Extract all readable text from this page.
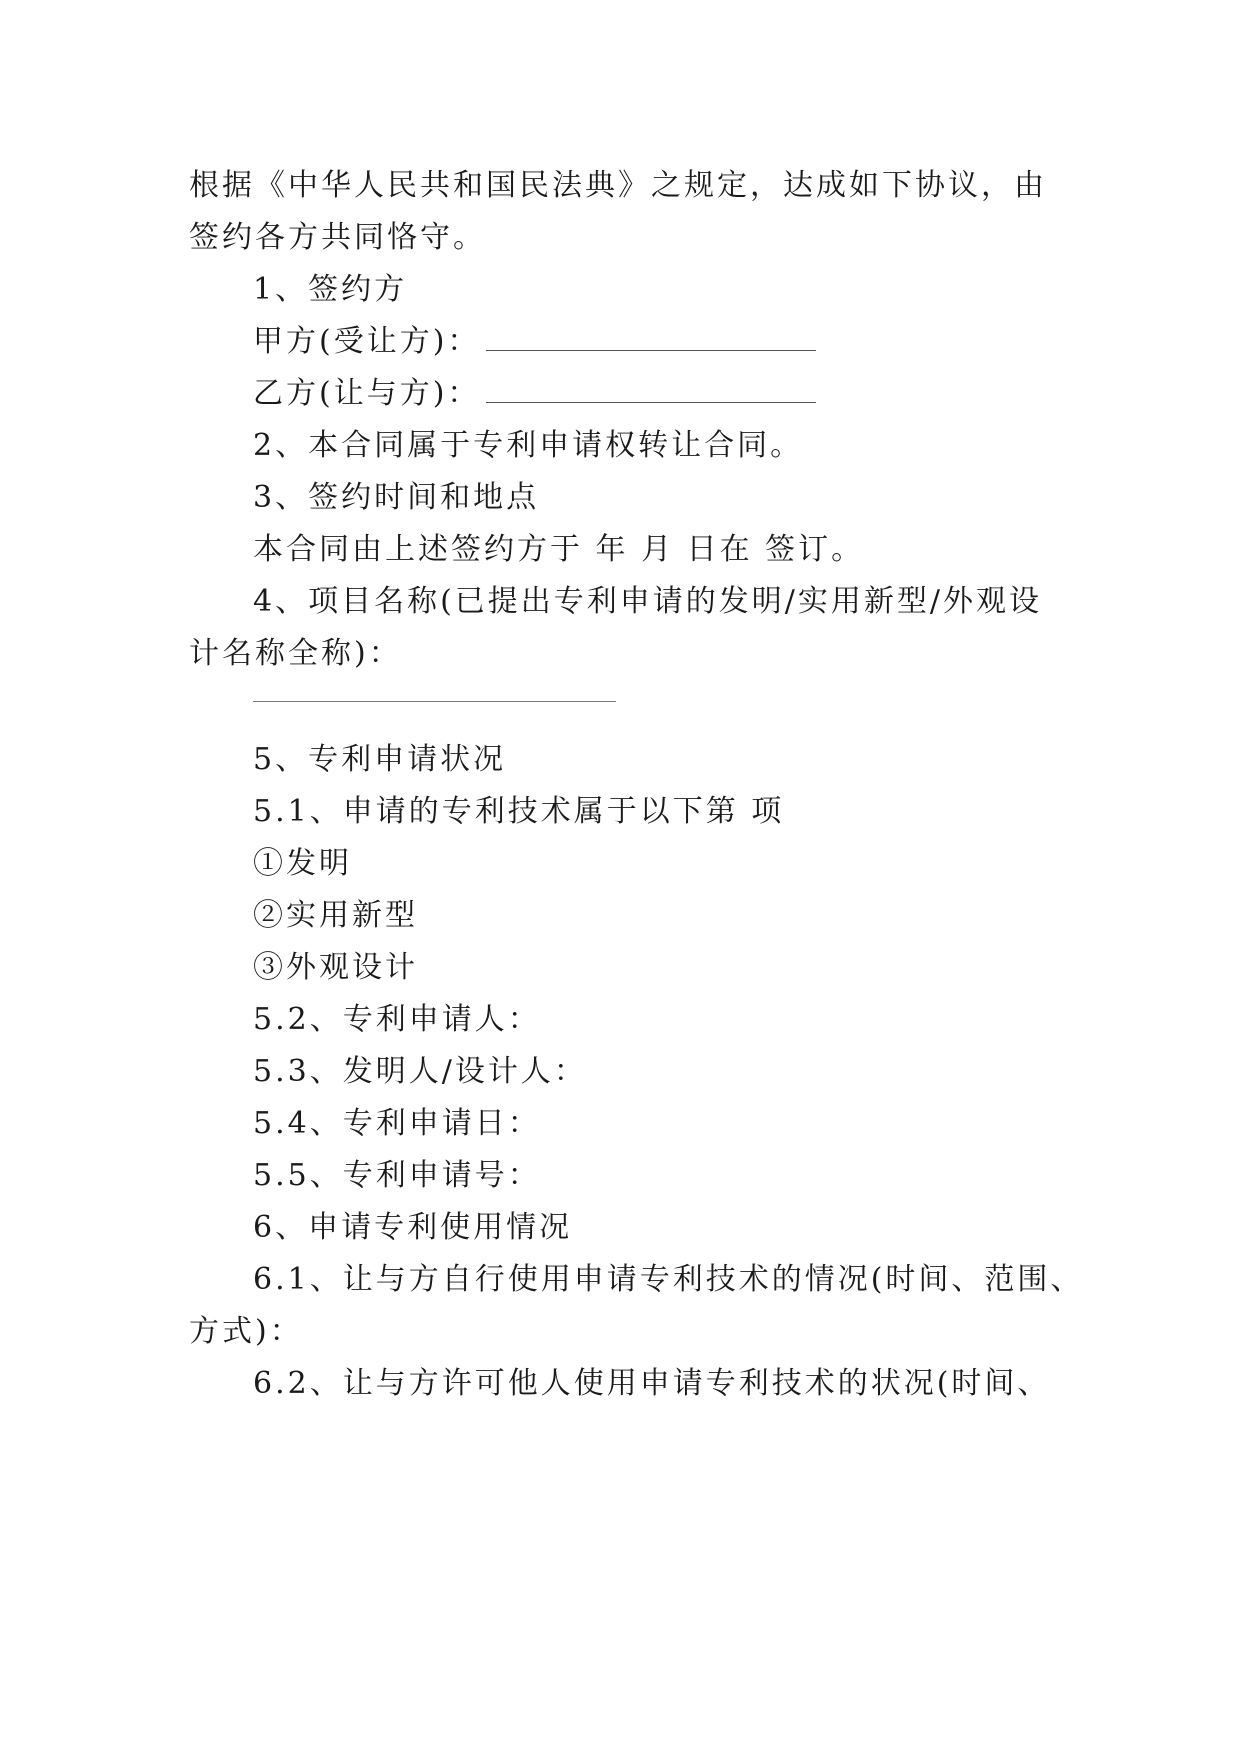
根据《中华人民共和国民法典》之规定，达成如下协议，由
签约各方共同恪守。
1、签约方
甲方(受让方)：
乙方(让与方)：
2、本合同属于专利申请权转让合同。
3、签约时间和地点
本合同由上述签约方于 年 月 日在 签订。
4、项目名称(已提出专利申请的发明/实用新型/外观设
计名称全称)：
5、专利申请状况
5.1、申请的专利技术属于以下第 项
①发明
②实用新型
③外观设计
5.2、专利申请人：
5.3、发明人/设计人：
5.4、专利申请日：
5.5、专利申请号：
6、申请专利使用情况
6.1、让与方自行使用申请专利技术的情况(时间、范围、
方式)：
6.2、让与方许可他人使用申请专利技术的状况(时间、
